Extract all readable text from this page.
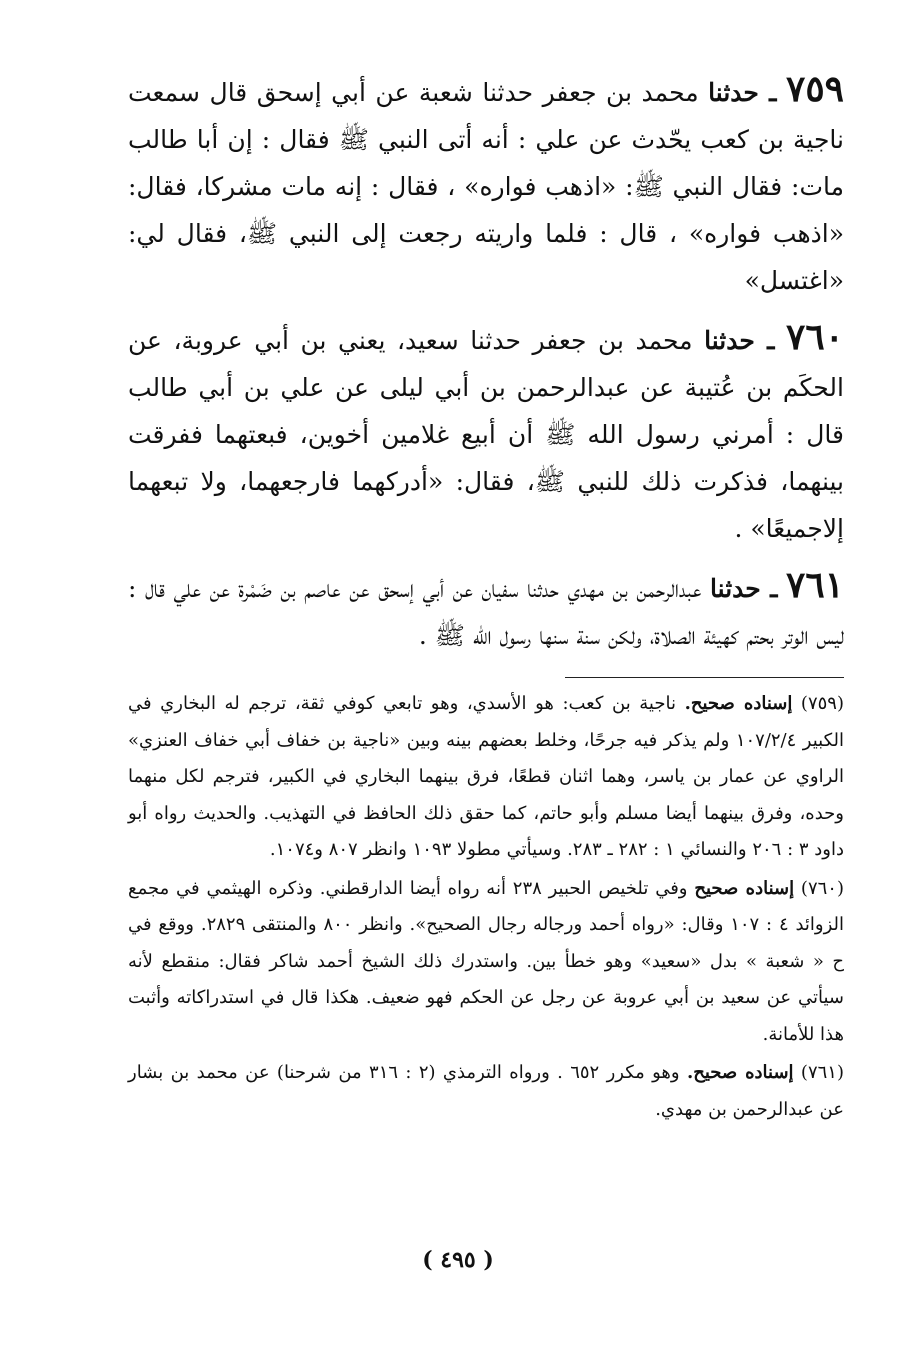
٧٥٩ ـ حدثنا محمد بن جعفر حدثنا شعبة عن أبي إسحق قال سمعت ناجية بن كعب يحّدث عن علي : أنه أتى النبي ﷺ فقال : إن أبا طالب مات: فقال النبي ﷺ: «اذهب فواره» ، فقال : إنه مات مشركا، فقال: «اذهب فواره» ، قال : فلما واريته رجعت إلى النبي ﷺ، فقال لي: «اغتسل»

٧٦٠ ـ حدثنا محمد بن جعفر حدثنا سعيد، يعني بن أبي عروبة، عن الحكَم بن عُتيبة عن عبدالرحمن بن أبي ليلى عن علي بن أبي طالب قال : أمرني رسول الله ﷺ أن أبيع غلامين أخوين، فبعتهما ففرقت بينهما، فذكرت ذلك للنبي ﷺ، فقال: «أدركهما فارجعهما، ولا تبعهما إلاجميعًا» .

٧٦١ ـ حدثنا عبدالرحمن بن مهدي حدثنا سفيان عن أبي إسحق عن عاصم بن ضَمْرة عن علي قال : ليس الوتر بحتم كهيئة الصلاة، ولكن سنة سنها رسول الله ﷺ .

(٧٥٩) إسناده صحيح. ناجية بن كعب: هو الأسدي، وهو تابعي كوفي ثقة، ترجم له البخاري في الكبير ١٠٧/٢/٤ ولم يذكر فيه جرحًا، وخلط بعضهم بينه وبين «ناجية بن خفاف أبي خفاف العنزي» الراوي عن عمار بن ياسر، وهما اثنان قطعًا، فرق بينهما البخاري في الكبير، فترجم لكل منهما وحده، وفرق بينهما أيضا مسلم وأبو حاتم، كما حقق ذلك الحافظ في التهذيب. والحديث رواه أبو داود ٣ : ٢٠٦ والنسائي ١ : ٢٨٢ ـ ٢٨٣. وسيأتي مطولا ١٠٩٣ وانظر ٨٠٧ و١٠٧٤.

(٧٦٠) إسناده صحيح وفي تلخيص الحبير ٢٣٨ أنه رواه أيضا الدارقطني. وذكره الهيثمي في مجمع الزوائد ٤ : ١٠٧ وقال: «رواه أحمد ورجاله رجال الصحيح». وانظر ٨٠٠ والمنتقى ٢٨٢٩. ووقع في ح « شعبة » بدل «سعيد» وهو خطأ بين. واستدرك ذلك الشيخ أحمد شاكر فقال: منقطع لأنه سيأتي عن سعيد بن أبي عروبة عن رجل عن الحكم فهو ضعيف. هكذا قال في استدراكاته وأثبت هذا للأمانة.

(٧٦١) إسناده صحيح. وهو مكرر ٦٥٢ . ورواه الترمذي (٢ : ٣١٦ من شرحنا) عن محمد بن بشار عن عبدالرحمن بن مهدي.

( ٤٩٥ )
